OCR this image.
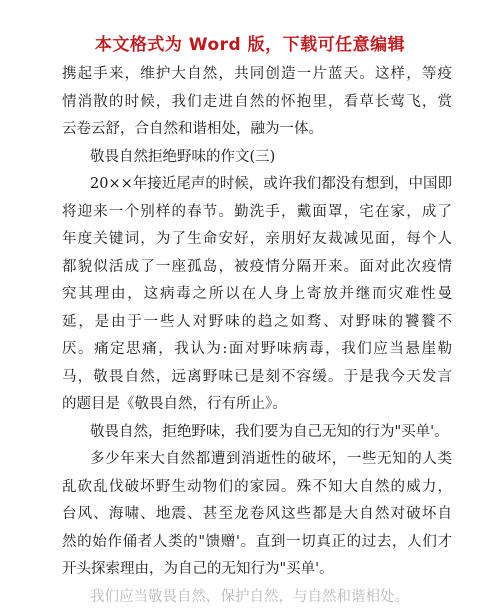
本文格式为 Word 版，下载可任意编辑
携起手来，维护大自然，共同创造一片蓝天。这样，等疫
情消散的时候，我们走进自然的怀抱里，看草长莺飞，赏
云卷云舒，合自然和谐相处，融为一体。
敬畏自然拒绝野味的作文(三)
20××年接近尾声的时候，或许我们都没有想到，中国即
将迎来一个别样的春节。勤洗手，戴面罩，宅在家，成了
年度关键词，为了生命安好，亲朋好友裁减见面，每个人
都貌似活成了一座孤岛，被疫情分隔开来。面对此次疫情
究其理由，这病毒之所以在人身上寄放并继而灾难性曼
延，是由于一些人对野味的趋之如骛、对野味的饕餮不
厌。痛定思痛，我认为:面对野味病毒，我们应当悬崖勒
马，敬畏自然，远离野味已是刻不容缓。于是我今天发言
的题目是《敬畏自然，行有所止》。
敬畏自然，拒绝野味，我们要为自己无知的行为"买单'。
多少年来大自然都遭到消逝性的破坏，一些无知的人类
乱砍乱伐破坏野生动物们的家园。殊不知大自然的威力，
台风、海啸、地震、甚至龙卷风这些都是大自然对破坏自
然的始作俑者人类的"馈赠'。直到一切真正的过去，人们才
开头探索理由，为自己的无知行为"买单'。
我们应当敬畏自然，保护自然，与自然和谐相处。
